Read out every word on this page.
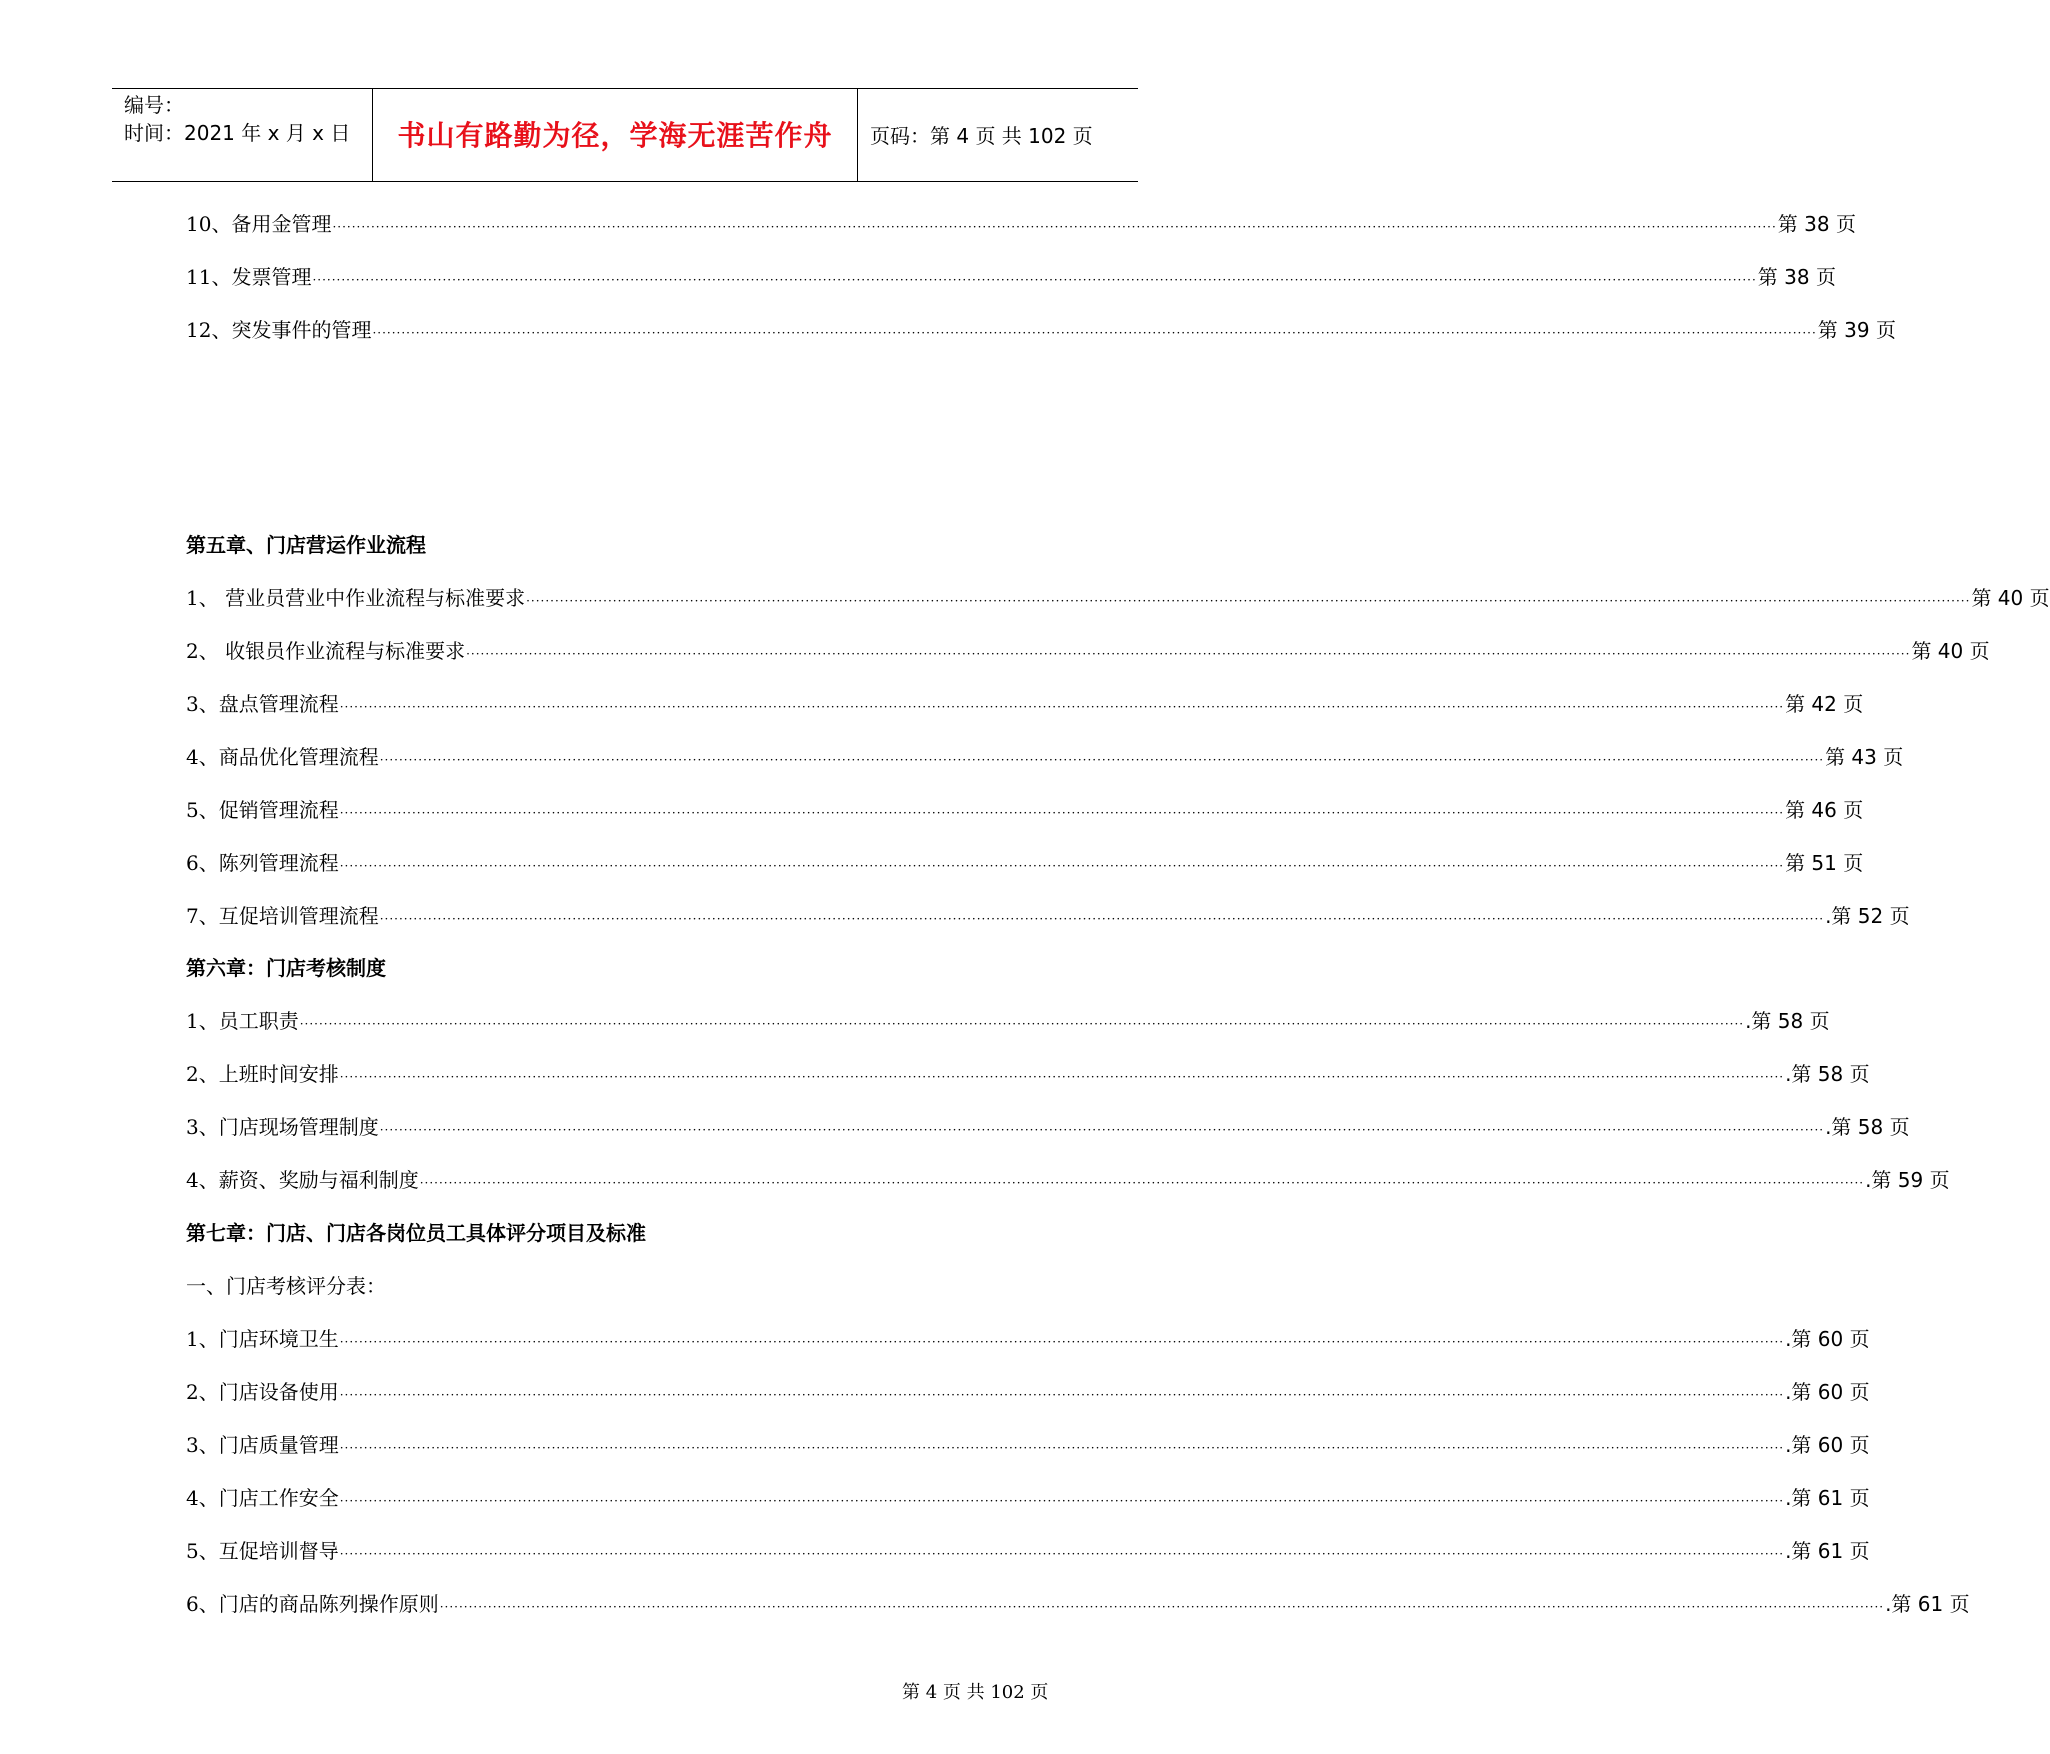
编号：
时间：2021 年 x 月 x 日	书山有路勤为径，学海无涯苦作舟	页码：第 4 页 共 102 页
10、备用金管理 ············································································································································································································································································································ 第 38 页
11、发票管理 ············································································································································································································································································································ 第 38 页
12、突发事件的管理 ············································································································································································································································································································ 第 39 页
第五章、门店营运作业流程
1、 营业员营业中作业流程与标准要求 ············································································································································································································································································································ 第 40 页
2、 收银员作业流程与标准要求 ············································································································································································································································································································ 第 40 页
3、盘点管理流程 ············································································································································································································································································································ 第 42 页
4、商品优化管理流程 ············································································································································································································································································································ 第 43 页
5、促销管理流程 ············································································································································································································································································································ 第 46 页
6、陈列管理流程 ············································································································································································································································································································ 第 51 页
7、互促培训管理流程 ············································································································································································································································································································ .第 52 页
第六章：门店考核制度
1、员工职责 ············································································································································································································································································································ .第 58 页
2、上班时间安排 ············································································································································································································································································································ .第 58 页
3、门店现场管理制度 ············································································································································································································································································································ .第 58 页
4、薪资、奖励与福利制度 ············································································································································································································································································································ .第 59 页
第七章：门店、门店各岗位员工具体评分项目及标准
一、门店考核评分表：
1、门店环境卫生 ············································································································································································································································································································ .第 60 页
2、门店设备使用 ············································································································································································································································································································ .第 60 页
3、门店质量管理 ············································································································································································································································································································ .第 60 页
4、门店工作安全 ············································································································································································································································································································ .第 61 页
5、互促培训督导 ············································································································································································································································································································ .第 61 页
6、门店的商品陈列操作原则 ············································································································································································································································································································ .第 61 页
第 4 页 共 102 页
